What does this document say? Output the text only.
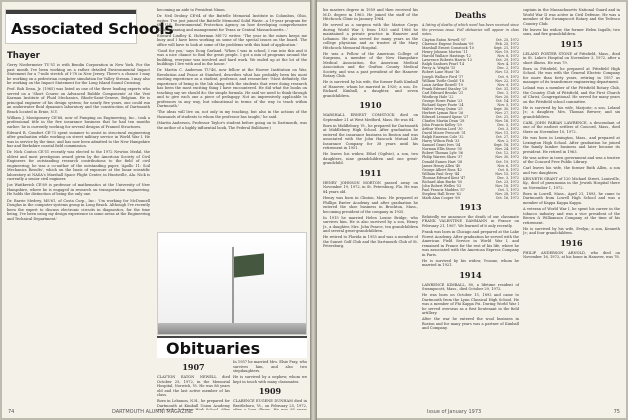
Associated Schools
Thayer

Gerry Niedermeier TU'51 is with Bendix Corporation in New York. For the past month I've been working on a rather detailed Environmental Impact Statement for a 7-mile stretch of I-78 in New Jersey. There's a chance I may be working on a pedestrian computer simulation for Valley Stream. I may also be working on the Impact Statement for the Long Island Sound Crossing.

Prof. Bob Dean, Jr. (1965) was listed as one of the three leading experts who served on a 'Short Course on Advanced Rubble Components' at the Vest Karman Institute of Fluid Mechanics, Rhode-Saint-Genese, Belgium. He is principal engineer of his design system; for nearly five years, one could run an underwater fluid dynamics laboratory and the construction of Dartmouth Beach located in Ernie, N.Y.

William J. Montgomery CE'68, now of Pumping on Engineering, Inc., took a professional title in the five insurance business that he had ten months earlier: he is currently working for several designs of Framed Structures.

Edward R. Comfort CE'73 spent summer to assist in structural engineering after graduation while working on street military service in World War I. He was in service by the time, and has now been admitted to the New Hampshire bar and Berkshire coastal field commission.

Dr. Nick Contos CE'51 recently was elected to the 1972 Newton Medal, the oldest and most prestigious award given by the American Society of Civil Engineers for outstanding research contributions to the field of civil engineering; he was a co-author of the outstanding paper, 'Apollo 11: Soil Mechanics Results', which on the basis of exposure at the lunar scientific laboratory at NASA's Marshall Space Flight Center, in Huntsville, Ala. Nick is currently a senior civil engineer.

Joe Waitkevich CE'69 is professor of mathematics at the University of New Hampshire, where he is engaged in research on transportation engineering. He holds the distinction of being the only one.

Dr. Barrie Medrey, MS'61, of Costa Corp., Inc.: 'I'm working for McDonnell Douglas in the computer systems group in Long Beach. Although I've recently been the expert to discuss electronic circuits in diagnostics, for the time being, I've been using my design experience in some areas at the Engineering and Technical Department.'

becoming an aide to President Nixon.

Dr. Neil Drobny CE'64 of the Battelle Memorial Institute in Columbus, Ohio, writes 'I've just joined the Battelle Memorial Solid Waste...a 10-year program for the U.S. Environmental Protection Agency on how developing comprehensive plans, planning and management for Texas or Central Massachusetts...'

Edward Lindley K. Hoberman MS'72 writes: 'The year in the mines keeps me busy and I have been working on some of the special issues on the board. The office will have to look at some of the problems with this kind of application.'

'Good for you,' says Doug Garland. 'When I was in school, I ran into this and it was a nice chance to find the great people. I got a mix of programs around the building, everyone was involved and hard work. We ended up at the lot of the buildings I live with and in the house.'

Dr. Martin C. Anderson TU'46, now fellow at the Hoover Institution on War, Revolution and Peace at Stanford, describes what has probably been his most exciting experience as a student, professor, and researcher: 'Most definitely, the experience of being in the lab along with the students that were doing research has been the most exciting thing I have encountered. He did what the books on teaching say we should do: the simple formula. He said we need to think through and to give each one a piece of pedagogy. Not an impressively applicable to professors in any way, but educational in terms of the way to teach within Dartmouth.'

'The ideas will live on, not only in my teaching, but also in the actions of the thousands of students to whom the professor has taught,' he said.

(Martin Anderson, Professor Taylor's student before going on to Dartmouth, was the author of a highly influential book, The Federal Bulldozer.)

Obituaries
1907

CLAYTON EATON NEWELL died October 25, 1972, in the Memorial Hospital, Norwich, Vt. He was 86 years old and the last active member of his class.

Born in Lebanon, N.H., he prepared for Dartmouth at Kimball Union Academy

In 1957 he married Mrs. Elsie Pray, who survives him, and also two stepdaughters.

He is survived by a nephew, whom we kept in touch with many classmates.

1909

CLARENCE EUGENE DUNHAM died in Brattleboro, Vt., on February 25, 1972,

74	DARTMOUTH ALUMNI MAGAZINE

his masters degree in 1959 and then received his M.D. degree in 1963. He joined the staff of the Hitchcock Clinic in January 1964.

He served as a surgeon with the Marine Corps during World War I; from 1923 until 1966 he maintained a private practice in Hanover and Lebanon. He also served for many years as the college physician and as trustee of the Mary Hitchcock Memorial Hospital.

He was a Fellow of the American College of Surgeons, a member of the New Hampshire Medical Association, the American Medical Association and the Grafton County Medical Society, and was a past president of the Hanover Rotary Club.

He is survived by his wife, the former Ruth Kimball of Hanover, whom he married in 1920; a son, Dr. Richard Kimball, a daughter, and seven grandchildren.

1910

MARSHALL ERNEST COMSTOCK died on September 21 at West Medford, Mass. He was 84.

Born in Middlebury, Vt., he prepared for Dartmouth at Middlebury High School. After graduation he entered the insurance business in Boston and was associated with the John Hancock Mutual Life Insurance Company for 38 years until his retirement in 1951.

He leaves his widow, Ethel (Ogilvie), a son, two daughters, nine grandchildren and one great-grandchild.

1911

HENRY JOHNSON MORTON passed away on November 19, 1972, in St. Petersburg, Fla. He was 84 years old.

Henry was born in Clinton, Mass. He prepared at Phillips Exeter Academy and after graduation he entered the shoe business in Brockton, Mass., becoming president of the company in 1935.

In 1915 he married Helen Louise Bridge, who survives him. He is also survived by a son, Henry Jr., a daughter, Mrs. John Pearce, ten grandchildren and several great-grandchildren.

He retired to Florida in 1955 and was a member of the Sunset Golf Club and the Dartmouth Club of St. Petersburg.

Deaths

A listing of deaths of which word has been received since the previous issue. Full obituaries will appear in class notes.

Clayton Eaton Newell '07	Oct. 25, 1972
Clarence Eugene Dunham '09	Feb. 25, 1972
Marshall Ernest Comstock '10	Sept. 21, 1972
Henry Johnson Morton '11	Nov. 19, 1972
Harold Wallace Hastings '12	Nov. 8, 1972
Lawrence Roberts Harris '13	Oct. 29, 1972
Ralph Sanborn Pearl '14	Nov. 4, 1972
Percy A. Wright '15	Dec. 2, 1972
Robert Lane Hunt '16	Nov. 13, 1972
Joseph Wallace Ford '17	Oct. 9, 1972
William Tuttle Gould '18	Nov. 22, 1972
Louis Arthur Rowell '19	Nov. 9, 1972
Frank Edward Stanley '20	Oct. 31, 1972
Carl Edward Brooks '21	Dec. 1, 1972
Winthrop Hale '22	Nov. 20, 1972
George Howe Paine '23	Oct. 14, 1972
Richard Sayre Foote '24	Nov. 5, 1972
Walter Irving Quinn '25	Sept. 30, 1972
Herbert Lyman Rice '26	Nov. 27, 1972
Edward Leonard Spear '27	Oct. 21, 1972
Charles Martin Dean '28	Nov. 16, 1972
John Francis Kelley '29	Dec. 5, 1972
Arthur Weston Lord '30	Oct. 3, 1972
David Moore Prescott '31	Nov. 11, 1972
Ralph Emerson Cole '32	Oct. 27, 1972
Harry Wilson Fisk '33	Nov. 2, 1972
Samuel Grant Ives '34	Sept. 18, 1972
Norman Ellis Stone '35	Nov. 24, 1972
Robert Thomas Lyle '36	Oct. 12, 1972
Philip Warren Shaw '37	Nov. 30, 1972
Donald Eames Hart '38	Oct. 19, 1972
James Henry Allen '40	Nov. 6, 1972
George Albert Ross '42	Oct. 8, 1972
William Paul Grey '44	Nov. 15, 1972
Thomas Edward Kent '47	Dec. 3, 1972
Richard Alan Burke '50	Oct. 23, 1972
John Robert Welles '53	Nov. 18, 1972
Paul Francis Madden '57	Oct. 1, 1972
Stephen Hall Drew '62	Nov. 28, 1972
Mark Alan Cooper '69	Oct. 16, 1972
1913

Belatedly we announce the death of our classmate FRANK VALENTINE DAMMANN in France on February 21, 1967. We learned of it only recently.

Frank was born in Chicago and prepared at the Lake Forest Academy. After graduation he served with the American Field Service in World War I, and remained in France for the rest of his life, where he was associated with the American Express Company in Paris.

He is survived by his widow, Yvonne, whom he married in 1921.

1914

LAWRENCE KIMBALL, 80, a lifetime resident of Swampscott, Mass., died October 29, 1972.

He was born on October 15, 1892 and came to Dartmouth from the Lynn Classical High School. He was a member of Phi Kappa Psi. During World War I he served overseas as a first lieutenant in the field artillery.

After the war he entered the wool business in Boston and for many years was a partner of Kimball and Company.

captain in the Massachusetts National Guard and in World War II was active in Civil Defense. He was a member of the Swampscott Rotary and the Tedesco Country Club.

He leaves his widow, the former Helen Ingalls; two sons, and five grandchildren.

1915

LELAND PORTER STONE of Pittsfield, Mass., died in St. Luke's Hospital on November 3, 1972, after a short illness. He was 79.

Born in Pittsfield, he prepared at Pittsfield High School. He was with the General Electric Company for more than forty years, retiring in 1957 as manager of its transformer engineering department.

Leland was a member of the Pittsfield Rotary Club, the Country Club of Pittsfield, and the First Church of Christ, Congregational. He served for many years on the Pittsfield school committee.

He is survived by his wife, Marjorie; a son, Leland Jr.; a daughter, Mrs. Thomas Brewer; and six grandchildren.

CARL JOHN FABIAN LAWRENCE, a descendant of one of the earliest settlers of Concord, Mass., died there on November 10, 1972.

He was born in Lexington, Mass., and prepared at Lexington High School. After graduation he joined the family lumber business and later became its president. He retired in 1963.

He was active in town government and was a trustee of the Concord Free Public Library.

Carl leaves his wife, the former Ruth Allen, a son and two daughters.

KENNETH GRANT of 120 Michael Street, Louisville, Ky., died of pneumonia in the Jewish Hospital there on November 1, 1972.

Born in Lowell, Mass., April 21, 1893, he came to Dartmouth from Lowell High School and was a member of Kappa Kappa Kappa.

A veteran of World War I, he spent his career in the tobacco industry and was a vice president of the Brown & Williamson Company at the time of his retirement.

He is survived by his wife, Evelyn; a son, Kenneth Jr.; and four grandchildren.

1916

PHILIP ANDERSON ARNOLD, who died on November 16, 1972, at his home in Hanover, was 78.

Issue of January 1973	75
